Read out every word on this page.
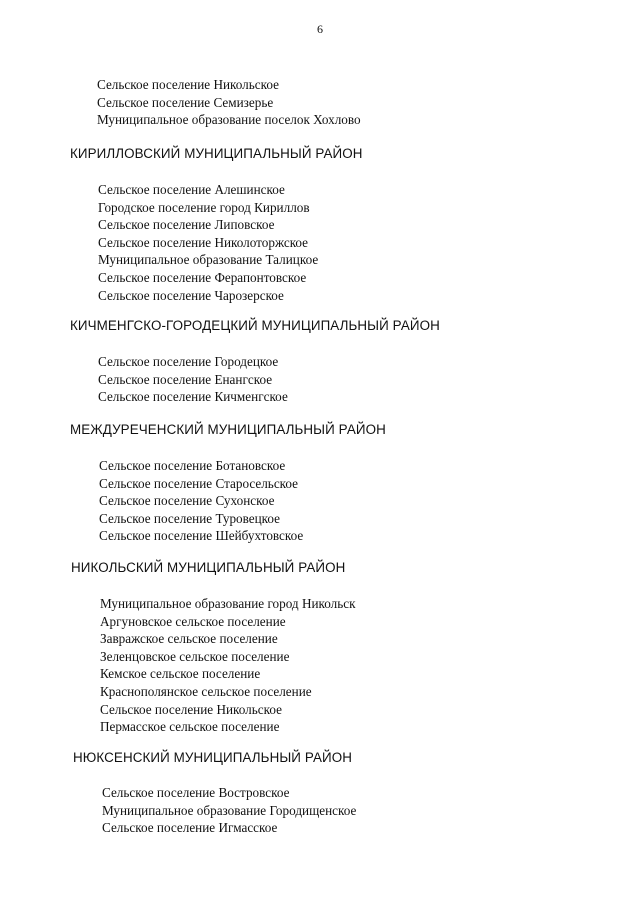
6
Сельское поселение Никольское
Сельское поселение Семизерье
Муниципальное образование поселок Хохлово
КИРИЛЛОВСКИЙ МУНИЦИПАЛЬНЫЙ РАЙОН
Сельское поселение Алешинское
Городское поселение город Кириллов
Сельское поселение Липовское
Сельское поселение Николоторжское
Муниципальное образование Талицкое
Сельское поселение Ферапонтовское
Сельское поселение Чарозерское
КИЧМЕНГСКО-ГОРОДЕЦКИЙ МУНИЦИПАЛЬНЫЙ РАЙОН
Сельское поселение Городецкое
Сельское поселение Енангское
Сельское поселение Кичменгское
МЕЖДУРЕЧЕНСКИЙ МУНИЦИПАЛЬНЫЙ РАЙОН
Сельское поселение Ботановское
Сельское поселение Старосельское
Сельское поселение Сухонское
Сельское поселение Туровецкое
Сельское поселение Шейбухтовское
НИКОЛЬСКИЙ МУНИЦИПАЛЬНЫЙ РАЙОН
Муниципальное образование город Никольск
Аргуновское сельское поселение
Завражское сельское поселение
Зеленцовское сельское поселение
Кемское сельское поселение
Краснополянское сельское поселение
Сельское поселение Никольское
Пермасское сельское поселение
НЮКСЕНСКИЙ МУНИЦИПАЛЬНЫЙ РАЙОН
Сельское поселение Востровское
Муниципальное образование Городищенское
Сельское поселение Игмасское
